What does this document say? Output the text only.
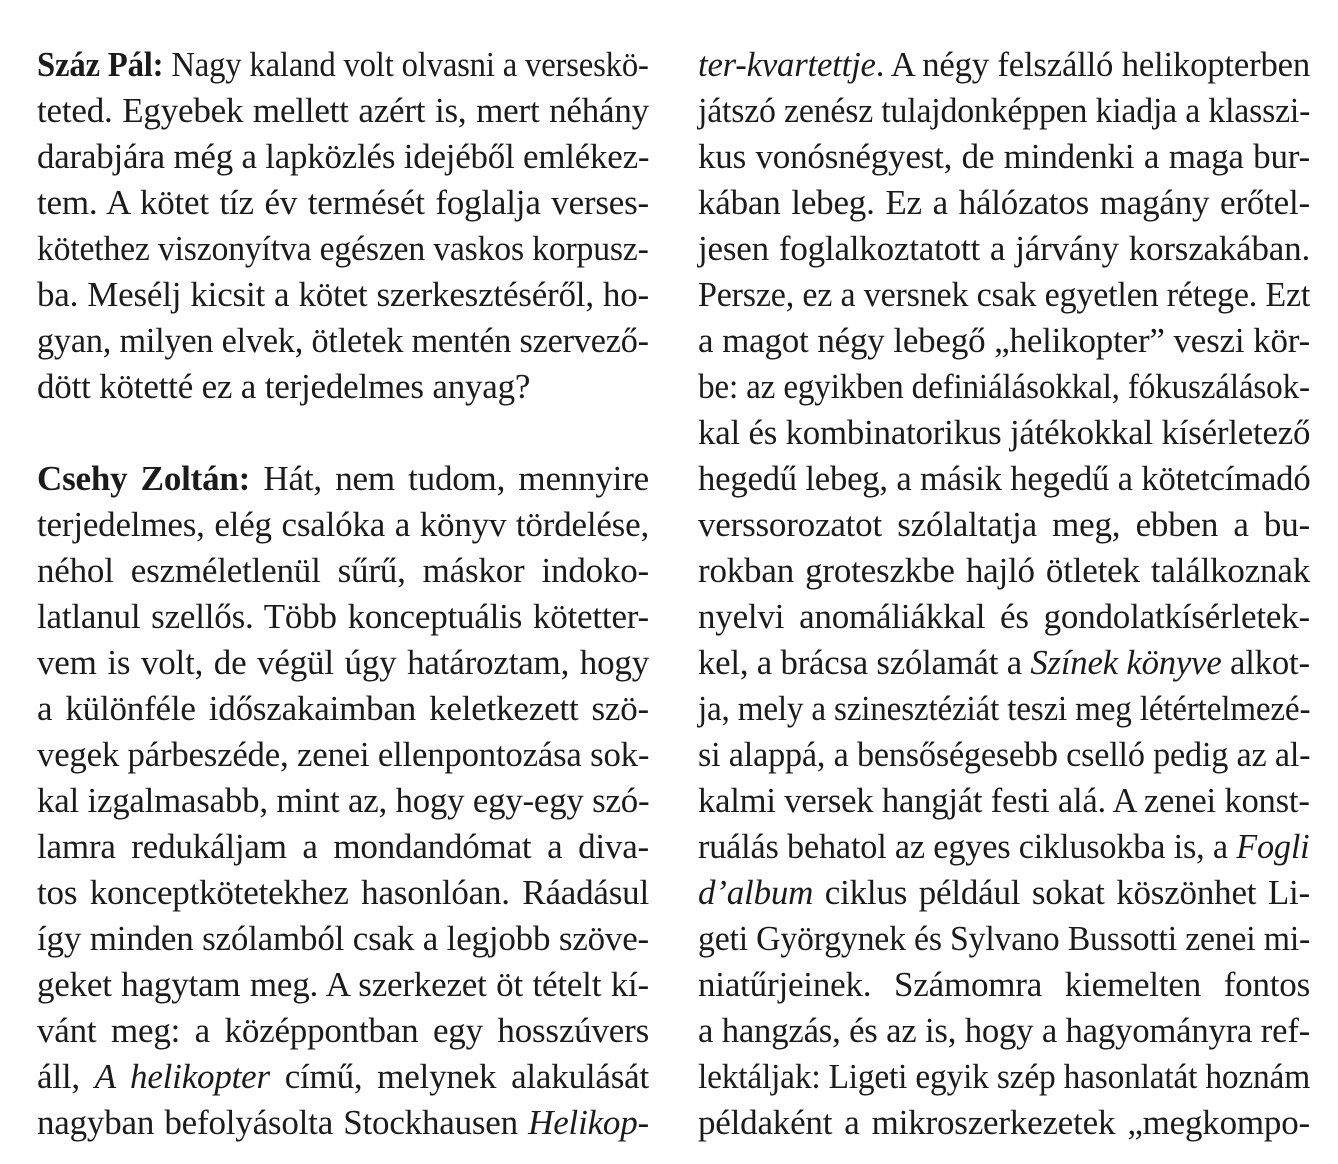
Száz Pál: Nagy kaland volt olvasni a verseskö-
teted. Egyebek mellett azért is, mert néhány
darabjára még a lapközlés idejéből emlékez-
tem. A kötet tíz év termését foglalja verses-
kötethez viszonyítva egészen vaskos korpusz-
ba. Mesélj kicsit a kötet szerkesztéséről, ho-
gyan, milyen elvek, ötletek mentén szervező-
dött kötetté ez a terjedelmes anyag?
Csehy Zoltán: Hát, nem tudom, mennyire
terjedelmes, elég csalóka a könyv tördelése,
néhol eszméletlenül sűrű, máskor indoko-
latlanul szellős. Több konceptuális kötetter-
vem is volt, de végül úgy határoztam, hogy
a különféle időszakaimban keletkezett szö-
vegek párbeszéde, zenei ellenpontozása sok-
kal izgalmasabb, mint az, hogy egy-egy szó-
lamra redukáljam a mondandómat a diva-
tos konceptkötetekhez hasonlóan. Ráadásul
így minden szólamból csak a legjobb szöve-
geket hagytam meg. A szerkezet öt tételt kí-
vánt meg: a középpontban egy hosszúvers
áll, A helikopter című, melynek alakulását
nagyban befolyásolta Stockhausen Helikop-
ter-kvartettje. A négy felszálló helikopterben
játszó zenész tulajdonképpen kiadja a klasszi-
kus vonósnégyest, de mindenki a maga bur-
kában lebeg. Ez a hálózatos magány erőtel-
jesen foglalkoztatott a járvány korszakában.
Persze, ez a versnek csak egyetlen rétege. Ezt
a magot négy lebegő „helikopter” veszi kör-
be: az egyikben definiálásokkal, fókuszálások-
kal és kombinatorikus játékokkal kísérletező
hegedű lebeg, a másik hegedű a kötetcímadó
verssorozatot szólaltatja meg, ebben a bu-
rokban groteszkbe hajló ötletek találkoznak
nyelvi anomáliákkal és gondolatkísérletek-
kel, a brácsa szólamát a Színek könyve alkot-
ja, mely a szinesztéziát teszi meg létértelmezé-
si alappá, a bensőségesebb cselló pedig az al-
kalmi versek hangját festi alá. A zenei konst-
ruálás behatol az egyes ciklusokba is, a Fogli
d’album ciklus például sokat köszönhet Li-
geti Györgynek és Sylvano Bussotti zenei mi-
niatűrjeinek. Számomra kiemelten fontos
a hangzás, és az is, hogy a hagyományra ref-
lektáljak: Ligeti egyik szép hasonlatát hoznám
példaként a mikroszerkezetek „megkompo-
